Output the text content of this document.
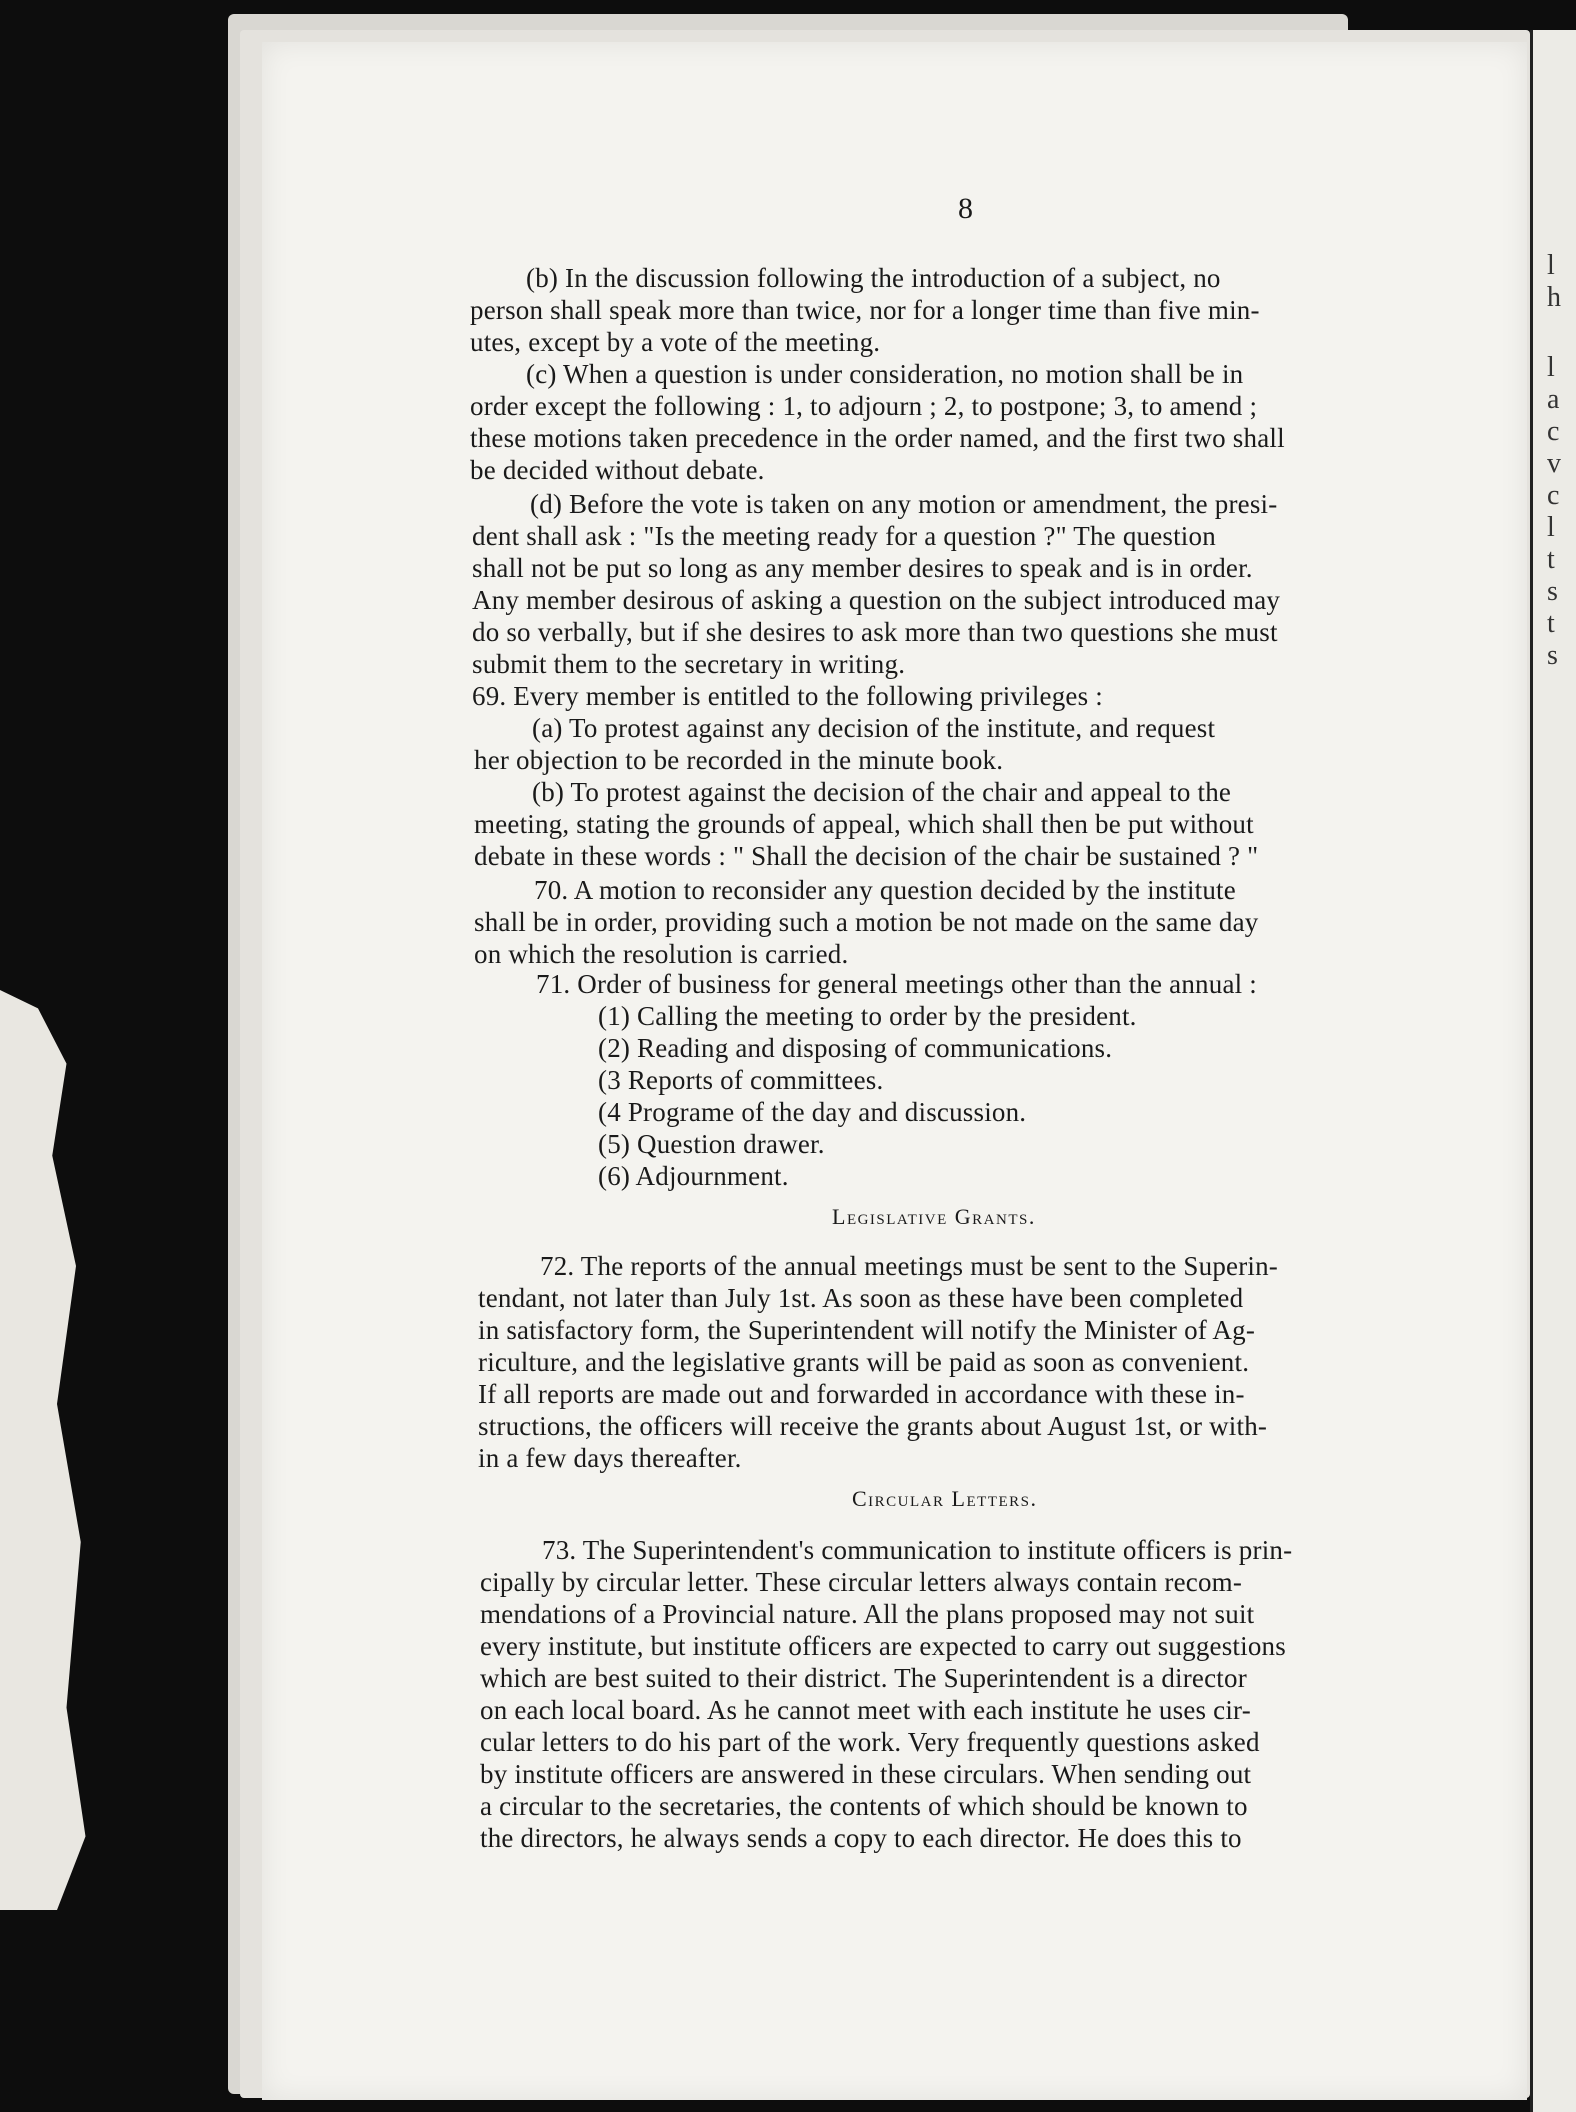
l
h
l
a
c
v
c
l
t
s
t
s
8
(b) In the discussion following the introduction of a subject, no
person shall speak more than twice, nor for a longer time than five min-
utes, except by a vote of the meeting.
(c) When a question is under consideration, no motion shall be in
order except the following : 1, to adjourn ; 2, to postpone; 3, to amend ;
these motions taken precedence in the order named, and the first two shall
be decided without debate.
(d) Before the vote is taken on any motion or amendment, the presi-
dent shall ask : "Is the meeting ready for a question ?" The question
shall not be put so long as any member desires to speak and is in order.
Any member desirous of asking a question on the subject introduced may
do so verbally, but if she desires to ask more than two questions she must
submit them to the secretary in writing.
69. Every member is entitled to the following privileges :
(a) To protest against any decision of the institute, and request
her objection to be recorded in the minute book.
(b) To protest against the decision of the chair and appeal to the
meeting, stating the grounds of appeal, which shall then be put without
debate in these words : " Shall the decision of the chair be sustained ? "
70. A motion to reconsider any question decided by the institute
shall be in order, providing such a motion be not made on the same day
on which the resolution is carried.
71. Order of business for general meetings other than the annual :
(1) Calling the meeting to order by the president.
(2) Reading and disposing of communications.
(3 Reports of committees.
(4 Programe of the day and discussion.
(5) Question drawer.
(6) Adjournment.
Legislative Grants.
72. The reports of the annual meetings must be sent to the Superin-
tendant, not later than July 1st. As soon as these have been completed
in satisfactory form, the Superintendent will notify the Minister of Ag-
riculture, and the legislative grants will be paid as soon as convenient.
If all reports are made out and forwarded in accordance with these in-
structions, the officers will receive the grants about August 1st, or with-
in a few days thereafter.
Circular Letters.
73. The Superintendent's communication to institute officers is prin-
cipally by circular letter. These circular letters always contain recom-
mendations of a Provincial nature. All the plans proposed may not suit
every institute, but institute officers are expected to carry out suggestions
which are best suited to their district. The Superintendent is a director
on each local board. As he cannot meet with each institute he uses cir-
cular letters to do his part of the work. Very frequently questions asked
by institute officers are answered in these circulars. When sending out
a circular to the secretaries, the contents of which should be known to
the directors, he always sends a copy to each director. He does this to
